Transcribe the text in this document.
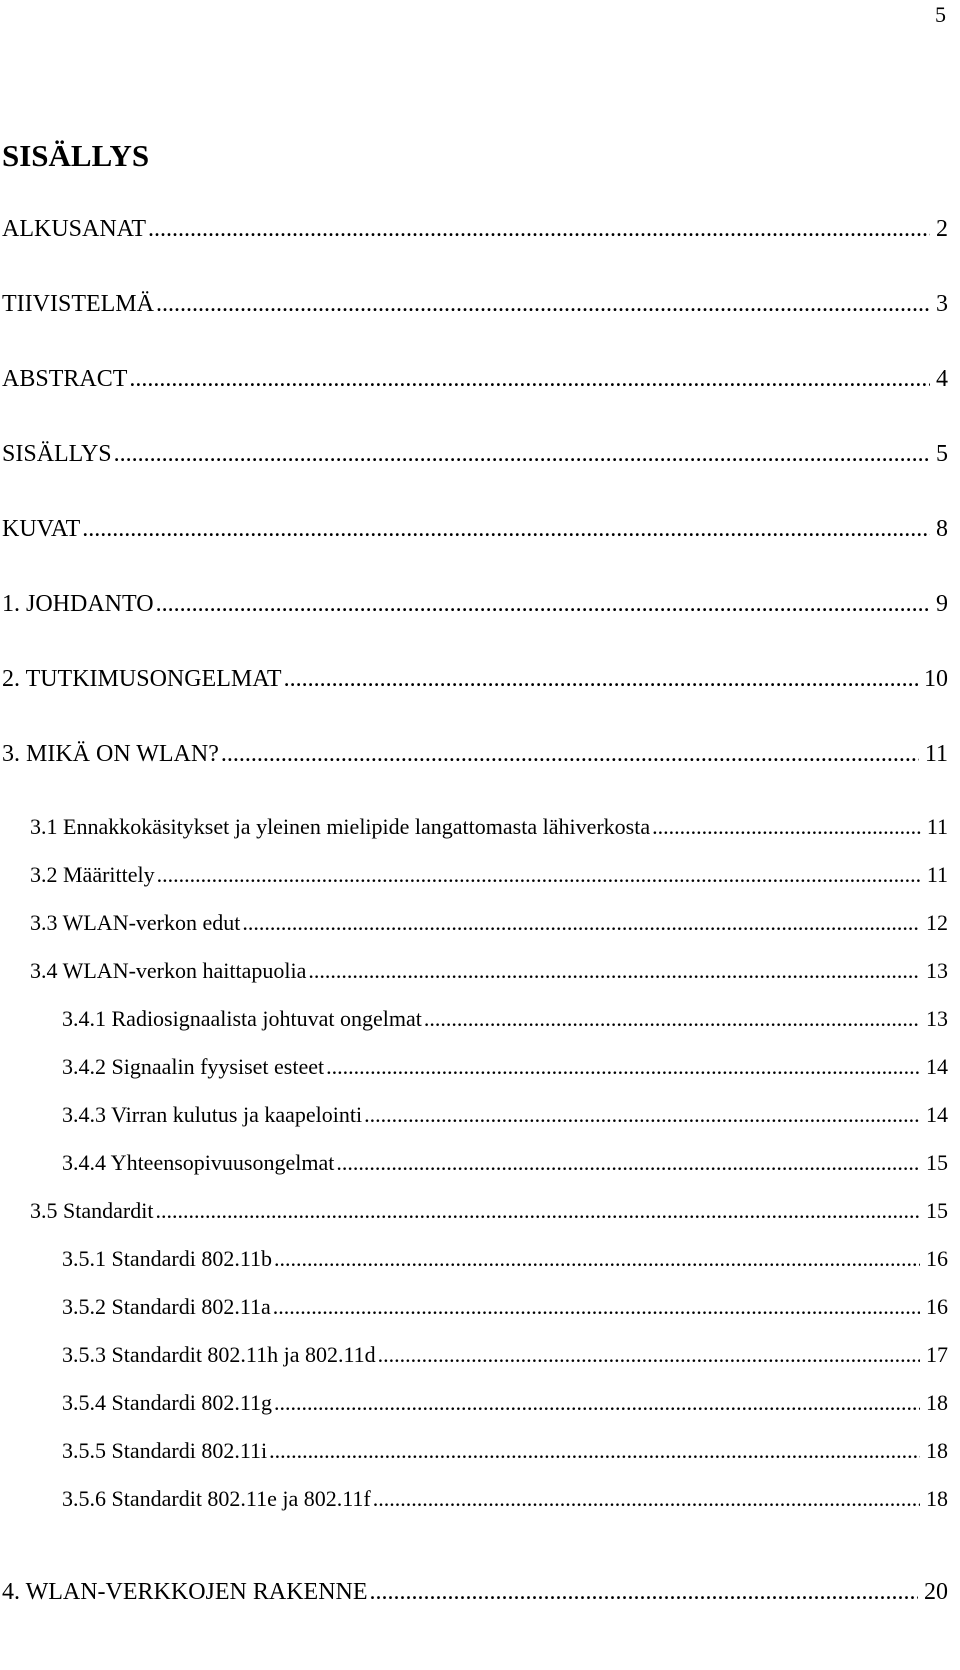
5
SISÄLLYS
ALKUSANAT .....	2
TIIVISTELMÄ .....	3
ABSTRACT .....	4
SISÄLLYS .....	5
KUVAT .....	8
1. JOHDANTO .....	9
2. TUTKIMUSONGELMAT .....	10
3. MIKÄ ON WLAN? .....	11
3.1 Ennakkokäsitykset ja yleinen mielipide langattomasta lähiverkosta .....	11
3.2 Määrittely .....	11
3.3 WLAN-verkon edut .....	12
3.4 WLAN-verkon haittapuolia .....	13
3.4.1 Radiosignaalista johtuvat ongelmat .....	13
3.4.2 Signaalin fyysiset esteet .....	14
3.4.3 Virran kulutus ja kaapelointi .....	14
3.4.4 Yhteensopivuusongelmat .....	15
3.5 Standardit .....	15
3.5.1 Standardi 802.11b .....	16
3.5.2 Standardi 802.11a .....	16
3.5.3 Standardit 802.11h ja 802.11d .....	17
3.5.4 Standardi 802.11g .....	18
3.5.5 Standardi 802.11i .....	18
3.5.6 Standardit 802.11e ja 802.11f .....	18
4. WLAN-VERKKOJEN RAKENNE .....	20
